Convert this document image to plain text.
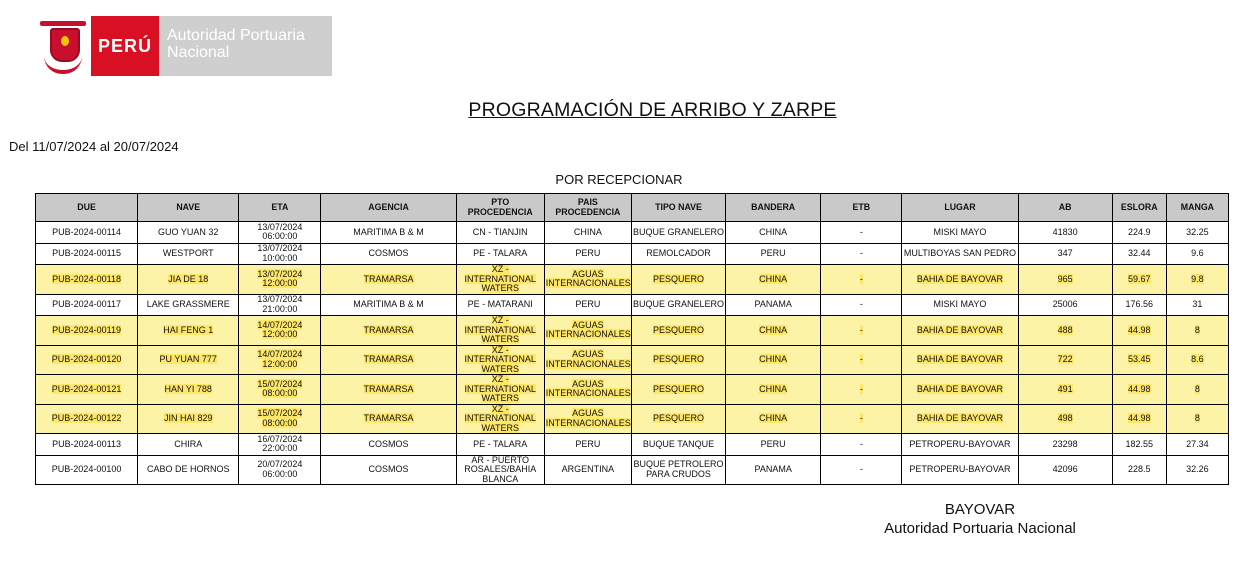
PERÚ Autoridad Portuaria
Nacional
PROGRAMACIÓN DE ARRIBO Y ZARPE
Del 11/07/2024 al 20/07/2024
POR RECEPCIONAR
DUE	NAVE	ETA	AGENCIA	PTO PROCEDENCIA	PAIS PROCEDENCIA	TIPO NAVE	BANDERA	ETB	LUGAR	AB	ESLORA	MANGA
PUB-2024-00114	GUO YUAN 32	13/07/2024 06:00:00	MARITIMA B & M	CN - TIANJIN	CHINA	BUQUE GRANELERO	CHINA	-	MISKI MAYO	41830	224.9	32.25
PUB-2024-00115	WESTPORT	13/07/2024 10:00:00	COSMOS	PE - TALARA	PERU	REMOLCADOR	PERU	-	MULTIBOYAS SAN PEDRO	347	32.44	9.6
PUB-2024-00118	JIA DE 18	13/07/2024 12:00:00	TRAMARSA	XZ - INTERNATIONAL WATERS	AGUAS INTERNACIONALES	PESQUERO	CHINA	-	BAHIA DE BAYOVAR	965	59.67	9.8
PUB-2024-00117	LAKE GRASSMERE	13/07/2024 21:00:00	MARITIMA B & M	PE - MATARANI	PERU	BUQUE GRANELERO	PANAMA	-	MISKI MAYO	25006	176.56	31
PUB-2024-00119	HAI FENG 1	14/07/2024 12:00:00	TRAMARSA	XZ - INTERNATIONAL WATERS	AGUAS INTERNACIONALES	PESQUERO	CHINA	-	BAHIA DE BAYOVAR	488	44.98	8
PUB-2024-00120	PU YUAN 777	14/07/2024 12:00:00	TRAMARSA	XZ - INTERNATIONAL WATERS	AGUAS INTERNACIONALES	PESQUERO	CHINA	-	BAHIA DE BAYOVAR	722	53.45	8.6
PUB-2024-00121	HAN YI 788	15/07/2024 08:00:00	TRAMARSA	XZ - INTERNATIONAL WATERS	AGUAS INTERNACIONALES	PESQUERO	CHINA	-	BAHIA DE BAYOVAR	491	44.98	8
PUB-2024-00122	JIN HAI 829	15/07/2024 08:00:00	TRAMARSA	XZ - INTERNATIONAL WATERS	AGUAS INTERNACIONALES	PESQUERO	CHINA	-	BAHIA DE BAYOVAR	498	44.98	8
PUB-2024-00113	CHIRA	16/07/2024 22:00:00	COSMOS	PE - TALARA	PERU	BUQUE TANQUE	PERU	-	PETROPERU-BAYOVAR	23298	182.55	27.34
PUB-2024-00100	CABO DE HORNOS	20/07/2024 06:00:00	COSMOS	AR - PUERTO ROSALES/BAHIA BLANCA	ARGENTINA	BUQUE PETROLERO PARA CRUDOS	PANAMA	-	PETROPERU-BAYOVAR	42096	228.5	32.26
BAYOVAR
Autoridad Portuaria Nacional
